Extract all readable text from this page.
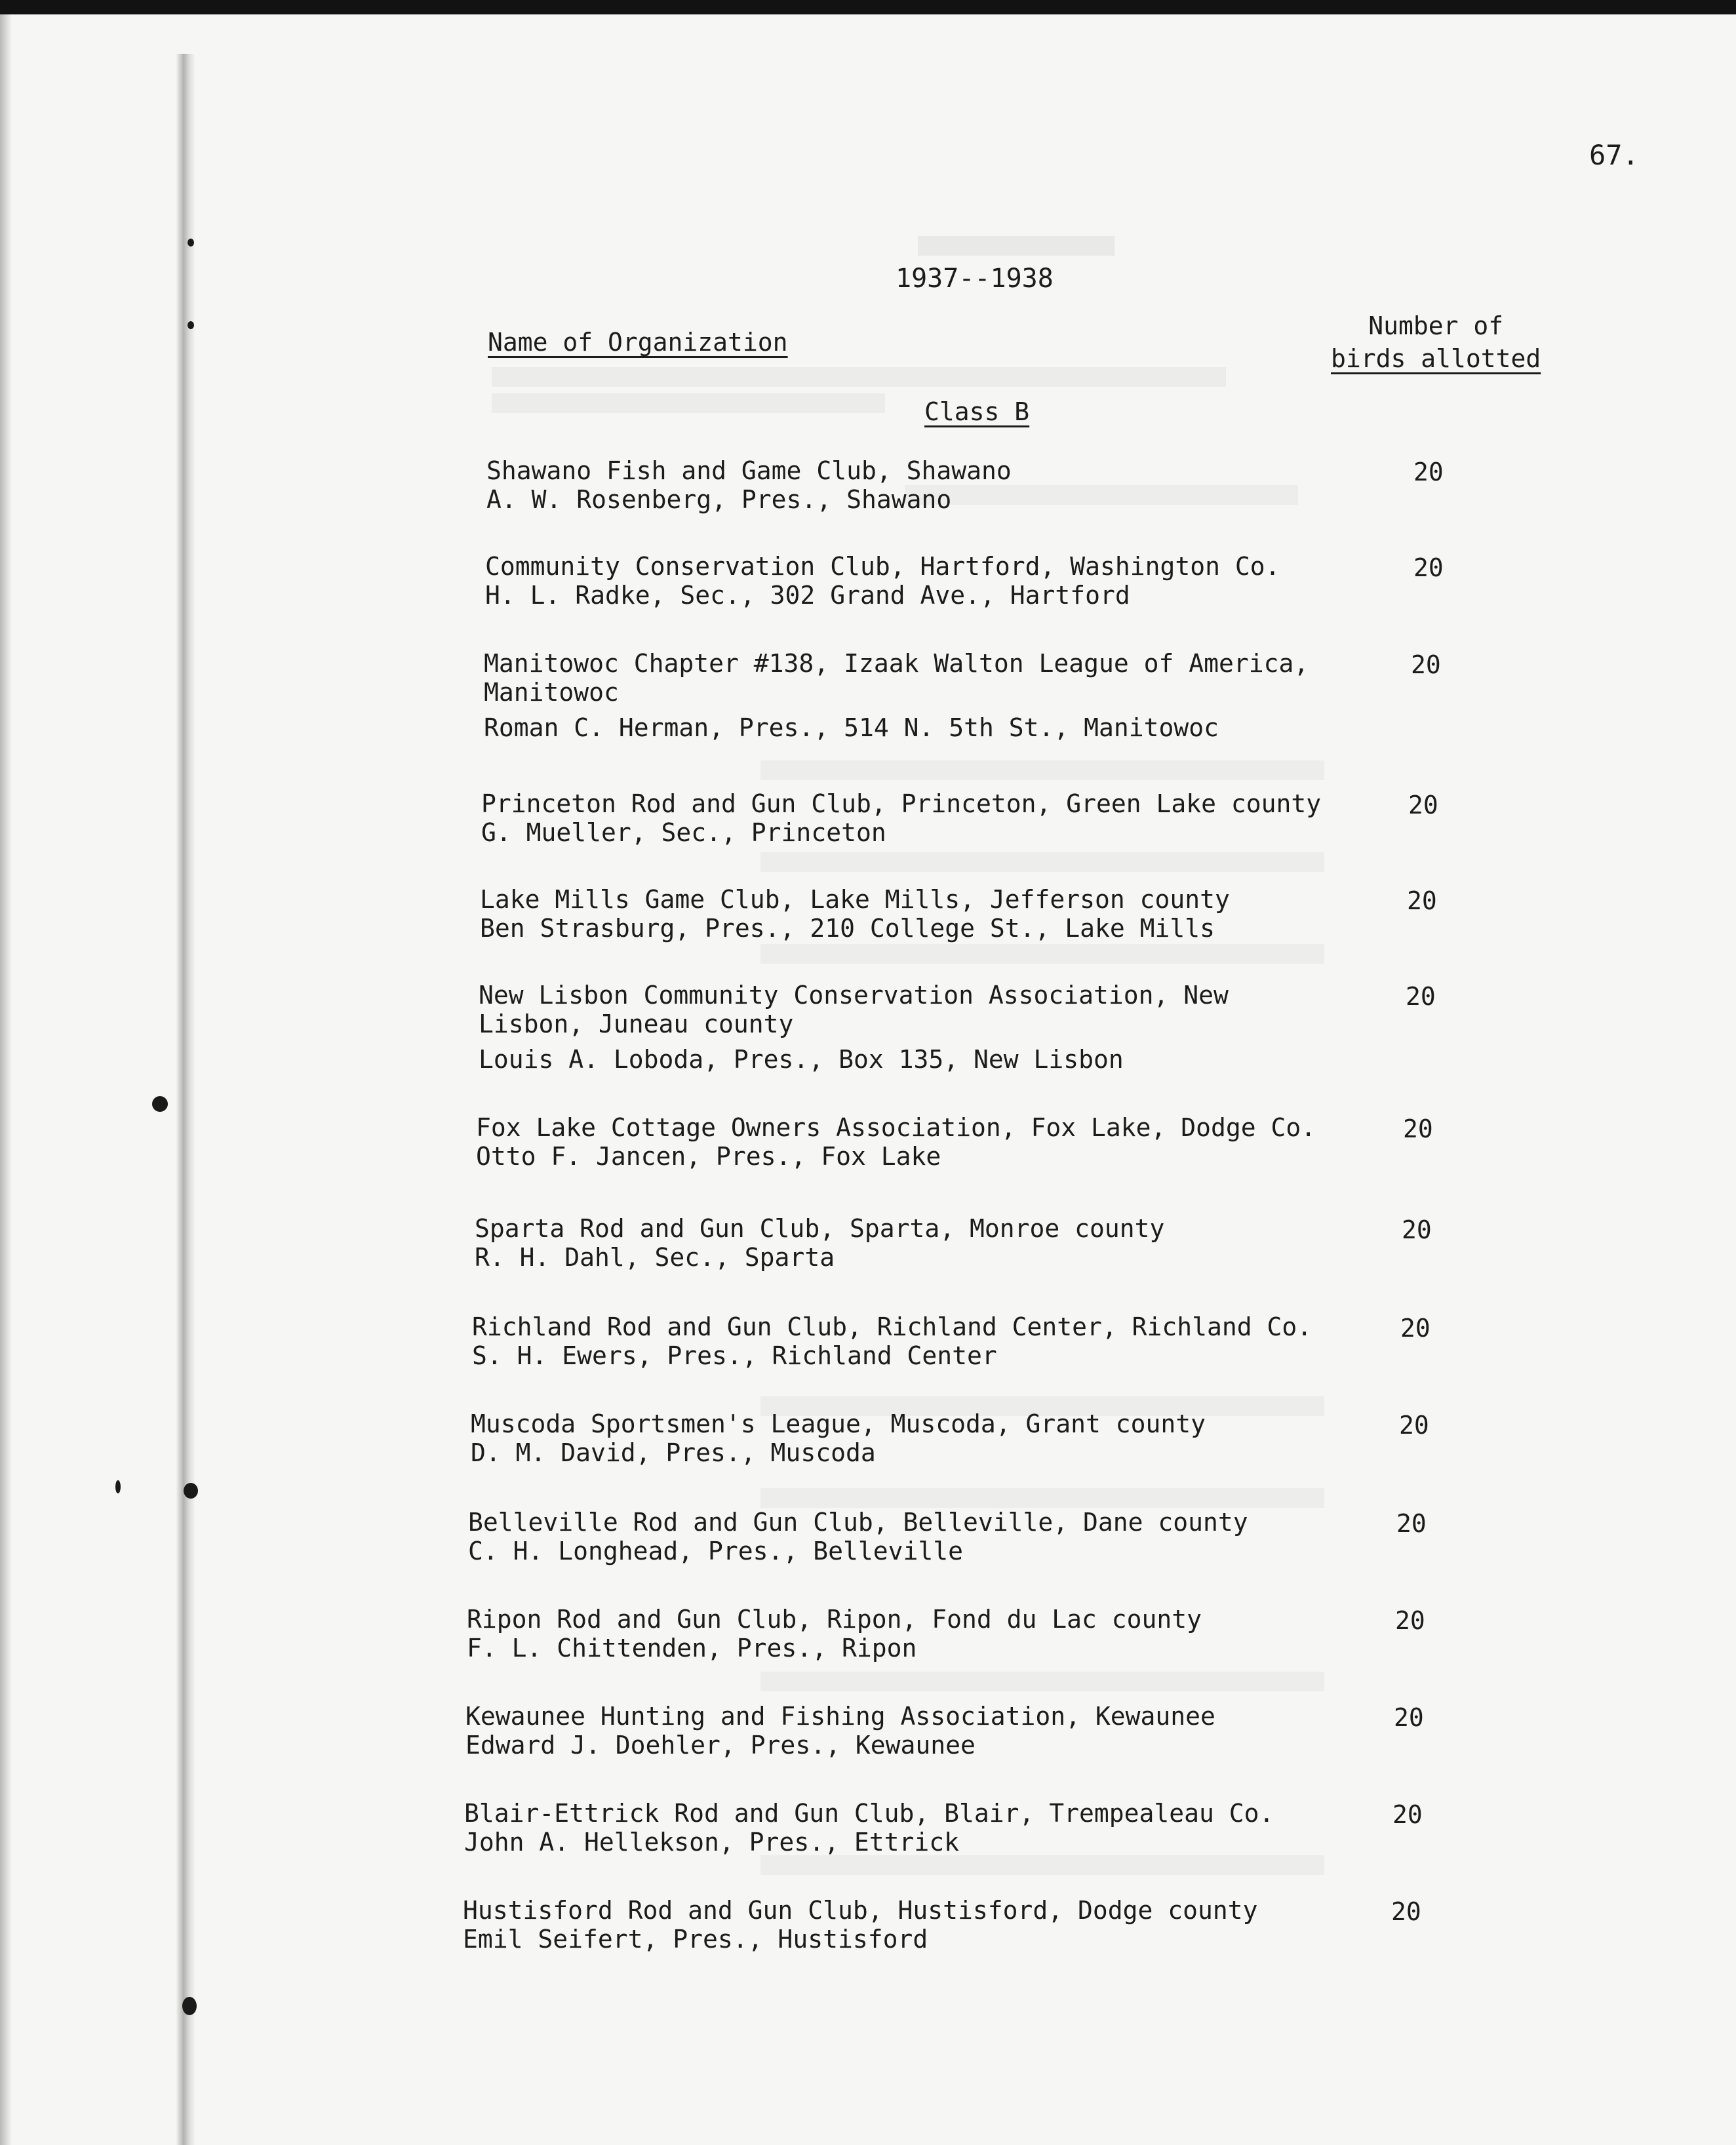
67.
1937--1938
Name of Organization
Number of
birds allotted
Class B
Shawano Fish and Game Club, Shawano
A. W. Rosenberg, Pres., Shawano
20
Community Conservation Club, Hartford, Washington Co.
H. L. Radke, Sec., 302 Grand Ave., Hartford
20
Manitowoc Chapter #138, Izaak Walton League of America,
Manitowoc
Roman C. Herman, Pres., 514 N. 5th St., Manitowoc
20
Princeton Rod and Gun Club, Princeton, Green Lake county
G. Mueller, Sec., Princeton
20
Lake Mills Game Club, Lake Mills, Jefferson county
Ben Strasburg, Pres., 210 College St., Lake Mills
20
New Lisbon Community Conservation Association, New
Lisbon, Juneau county
Louis A. Loboda, Pres., Box 135, New Lisbon
20
Fox Lake Cottage Owners Association, Fox Lake, Dodge Co.
Otto F. Jancen, Pres., Fox Lake
20
Sparta Rod and Gun Club, Sparta, Monroe county
R. H. Dahl, Sec., Sparta
20
Richland Rod and Gun Club, Richland Center, Richland Co.
S. H. Ewers, Pres., Richland Center
20
Muscoda Sportsmen's League, Muscoda, Grant county
D. M. David, Pres., Muscoda
20
Belleville Rod and Gun Club, Belleville, Dane county
C. H. Longhead, Pres., Belleville
20
Ripon Rod and Gun Club, Ripon, Fond du Lac county
F. L. Chittenden, Pres., Ripon
20
Kewaunee Hunting and Fishing Association, Kewaunee
Edward J. Doehler, Pres., Kewaunee
20
Blair-Ettrick Rod and Gun Club, Blair, Trempealeau Co.
John A. Hellekson, Pres., Ettrick
20
Hustisford Rod and Gun Club, Hustisford, Dodge county
Emil Seifert, Pres., Hustisford
20
